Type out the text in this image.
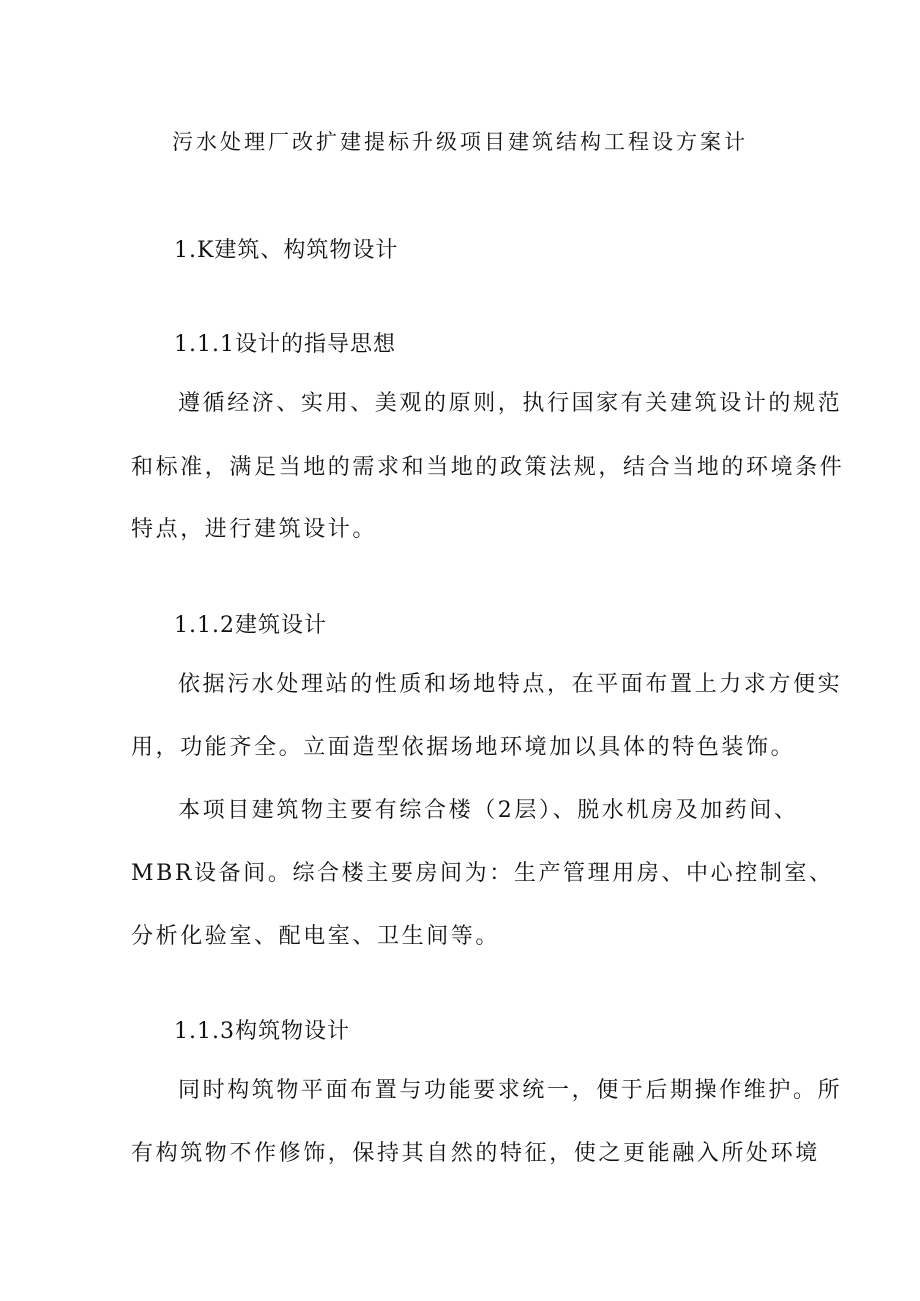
污水处理厂改扩建提标升级项目建筑结构工程设方案计
1.K建筑、构筑物设计
1.1.1设计的指导思想
遵循经济、实用、美观的原则，执行国家有关建筑设计的规范
和标准，满足当地的需求和当地的政策法规，结合当地的环境条件
特点，进行建筑设计。
1.1.2建筑设计
依据污水处理站的性质和场地特点，在平面布置上力求方便实
用，功能齐全。立面造型依据场地环境加以具体的特色装饰。
本项目建筑物主要有综合楼（2层）、脱水机房及加药间、
MBR设备间。综合楼主要房间为：生产管理用房、中心控制室、
分析化验室、配电室、卫生间等。
1.1.3构筑物设计
同时构筑物平面布置与功能要求统一，便于后期操作维护。所
有构筑物不作修饰，保持其自然的特征，使之更能融入所处环境
